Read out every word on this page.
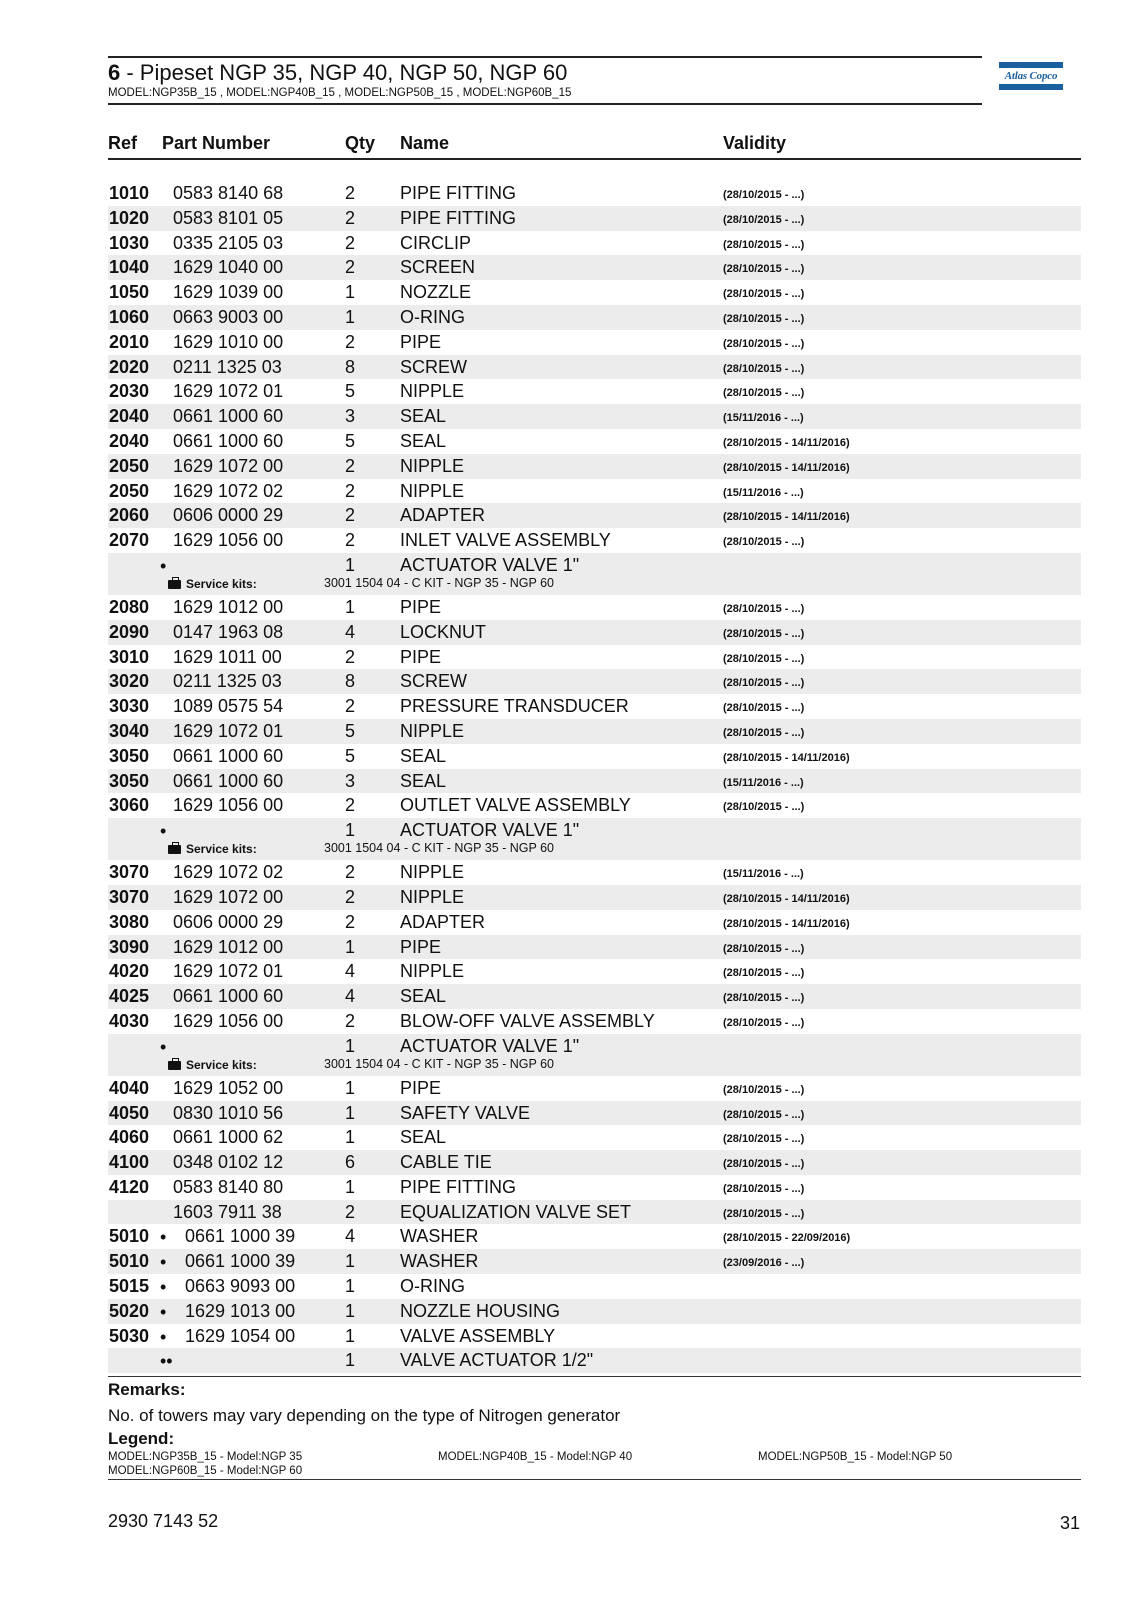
6 - Pipeset NGP 35, NGP 40, NGP 50, NGP 60
MODEL:NGP35B_15 , MODEL:NGP40B_15 , MODEL:NGP50B_15 , MODEL:NGP60B_15
Atlas Copco
Ref Part Number	Qty Name	Validity
1010 0583 8140 68	2 PIPE FITTING	(28/10/2015 - ...)
1020 0583 8101 05	2 PIPE FITTING	(28/10/2015 - ...)
1030 0335 2105 03	2 CIRCLIP	(28/10/2015 - ...)
1040 1629 1040 00	2 SCREEN	(28/10/2015 - ...)
1050 1629 1039 00	1 NOZZLE	(28/10/2015 - ...)
1060 0663 9003 00	1 O-RING	(28/10/2015 - ...)
2010 1629 1010 00	2 PIPE	(28/10/2015 - ...)
2020 0211 1325 03	8 SCREW	(28/10/2015 - ...)
2030 1629 1072 01	5 NIPPLE	(28/10/2015 - ...)
2040 0661 1000 60	3 SEAL	(15/11/2016 - ...)
2040 0661 1000 60	5 SEAL	(28/10/2015 - 14/11/2016)
2050 1629 1072 00	2 NIPPLE	(28/10/2015 - 14/11/2016)
2050 1629 1072 02	2 NIPPLE	(15/11/2016 - ...)
2060 0606 0000 29	2 ADAPTER	(28/10/2015 - 14/11/2016)
2070 1629 1056 00	2 INLET VALVE ASSEMBLY	(28/10/2015 - ...)
•	1 ACTUATOR VALVE 1"
Service kits:	3001 1504 04 - C KIT - NGP 35 - NGP 60
2080 1629 1012 00	1 PIPE	(28/10/2015 - ...)
2090 0147 1963 08	4 LOCKNUT	(28/10/2015 - ...)
3010 1629 1011 00	2 PIPE	(28/10/2015 - ...)
3020 0211 1325 03	8 SCREW	(28/10/2015 - ...)
3030 1089 0575 54	2 PRESSURE TRANSDUCER	(28/10/2015 - ...)
3040 1629 1072 01	5 NIPPLE	(28/10/2015 - ...)
3050 0661 1000 60	5 SEAL	(28/10/2015 - 14/11/2016)
3050 0661 1000 60	3 SEAL	(15/11/2016 - ...)
3060 1629 1056 00	2 OUTLET VALVE ASSEMBLY	(28/10/2015 - ...)
•	1 ACTUATOR VALVE 1"
Service kits:	3001 1504 04 - C KIT - NGP 35 - NGP 60
3070 1629 1072 02	2 NIPPLE	(15/11/2016 - ...)
3070 1629 1072 00	2 NIPPLE	(28/10/2015 - 14/11/2016)
3080 0606 0000 29	2 ADAPTER	(28/10/2015 - 14/11/2016)
3090 1629 1012 00	1 PIPE	(28/10/2015 - ...)
4020 1629 1072 01	4 NIPPLE	(28/10/2015 - ...)
4025 0661 1000 60	4 SEAL	(28/10/2015 - ...)
4030 1629 1056 00	2 BLOW-OFF VALVE ASSEMBLY	(28/10/2015 - ...)
•	1 ACTUATOR VALVE 1"
Service kits:	3001 1504 04 - C KIT - NGP 35 - NGP 60
4040 1629 1052 00	1 PIPE	(28/10/2015 - ...)
4050 0830 1010 56	1 SAFETY VALVE	(28/10/2015 - ...)
4060 0661 1000 62	1 SEAL	(28/10/2015 - ...)
4100 0348 0102 12	6 CABLE TIE	(28/10/2015 - ...)
4120 0583 8140 80	1 PIPE FITTING	(28/10/2015 - ...)
1603 7911 38	2 EQUALIZATION VALVE SET	(28/10/2015 - ...)
5010 • 0661 1000 39	4 WASHER	(28/10/2015 - 22/09/2016)
5010 • 0661 1000 39	1 WASHER	(23/09/2016 - ...)
5015 • 0663 9093 00	1 O-RING
5020 • 1629 1013 00	1 NOZZLE HOUSING
5030 • 1629 1054 00	1 VALVE ASSEMBLY
••	1 VALVE ACTUATOR 1/2"
Remarks:
No. of towers may vary depending on the type of Nitrogen generator
Legend:
MODEL:NGP35B_15 - Model:NGP 35	MODEL:NGP40B_15 - Model:NGP 40	MODEL:NGP50B_15 - Model:NGP 50
MODEL:NGP60B_15 - Model:NGP 60
2930 7143 52	31
